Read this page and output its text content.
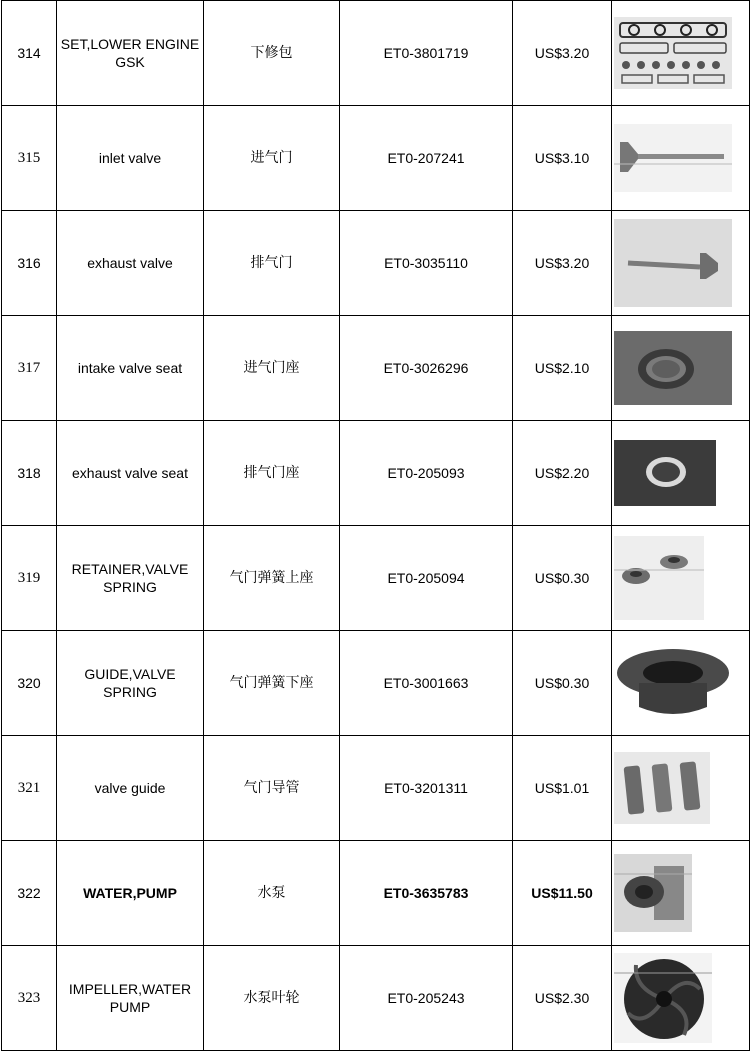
314	SET,LOWER ENGINE GSK	下修包	ET0-3801719	US$3.20	

315	inlet valve	进气门	ET0-207241	US$3.10	

316	exhaust valve	排气门	ET0-3035110	US$3.20	

317	intake valve seat	进气门座	ET0-3026296	US$2.10	

318	exhaust valve seat	排气门座	ET0-205093	US$2.20	

319	RETAINER,VALVE SPRING	气门弹簧上座	ET0-205094	US$0.30	

320	GUIDE,VALVE SPRING	气门弹簧下座	ET0-3001663	US$0.30	

321	valve guide	气门导管	ET0-3201311	US$1.01	

322	WATER,PUMP	水泵	ET0-3635783	US$11.50	

323	IMPELLER,WATER PUMP	水泵叶轮	ET0-205243	US$2.30	
